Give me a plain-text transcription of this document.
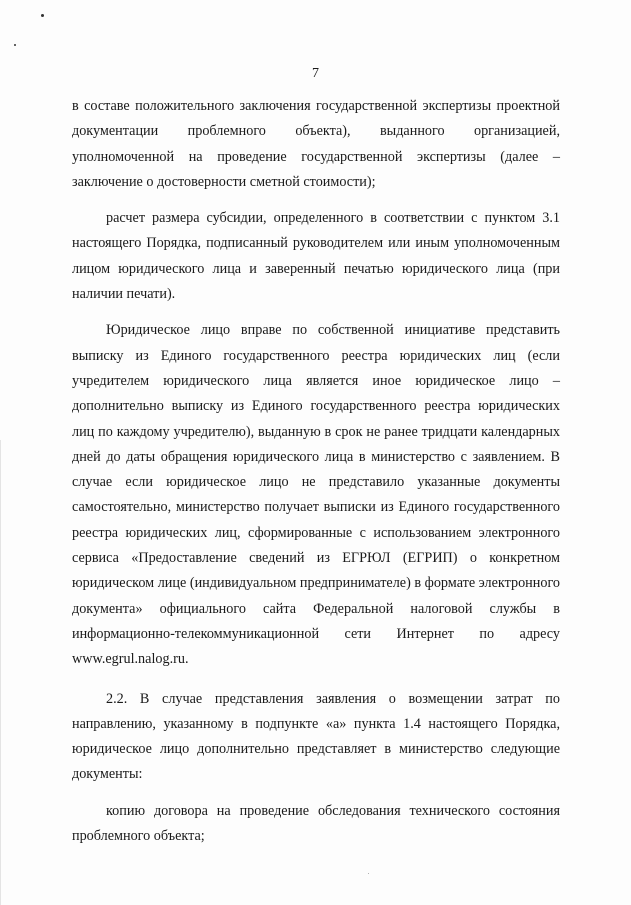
7

в составе положительного заключения государственной экспертизы проектной документации проблемного объекта), выданного организацией, уполномоченной на проведение государственной экспертизы (далее – заключение о достоверности сметной стоимости);

расчет размера субсидии, определенного в соответствии с пунктом 3.1 настоящего Порядка, подписанный руководителем или иным уполномоченным лицом юридического лица и заверенный печатью юридического лица (при наличии печати).

Юридическое лицо вправе по собственной инициативе представить выписку из Единого государственного реестра юридических лиц (если учредителем юридического лица является иное юридическое лицо – дополнительно выписку из Единого государственного реестра юридических лиц по каждому учредителю), выданную в срок не ранее тридцати календарных дней до даты обращения юридического лица в министерство с заявлением. В случае если юридическое лицо не представило указанные документы самостоятельно, министерство получает выписки из Единого государственного реестра юридических лиц, сформированные с использованием электронного сервиса «Предоставление сведений из ЕГРЮЛ (ЕГРИП) о конкретном юридическом лице (индивидуальном предпринимателе) в формате электронного документа» официального сайта Федеральной налоговой службы в информационно-телекоммуникационной сети Интернет по адресу www.egrul.nalog.ru.

2.2. В случае представления заявления о возмещении затрат по направлению, указанному в подпункте «а» пункта 1.4 настоящего Порядка, юридическое лицо дополнительно представляет в министерство следующие документы:

копию договора на проведение обследования технического состояния проблемного объекта;
